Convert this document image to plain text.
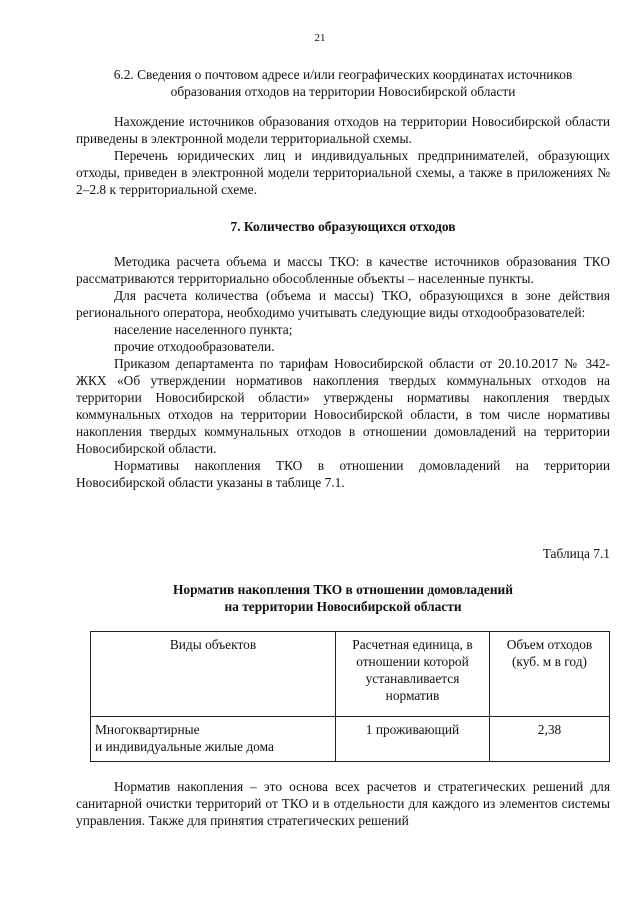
21

6.2. Сведения о почтовом адресе и/или географических координатах источников

образования отходов на территории Новосибирской области

Нахождение источников образования отходов на территории Новосибирской области приведены в электронной модели территориальной схемы.

Перечень юридических лиц и индивидуальных предпринимателей, образующих отходы, приведен в электронной модели территориальной схемы, а также в приложениях № 2–2.8 к территориальной схеме.

7. Количество образующихся отходов

Методика расчета объема и массы ТКО: в качестве источников образования ТКО рассматриваются территориально обособленные объекты – населенные пункты.

Для расчета количества (объема и массы) ТКО, образующихся в зоне действия регионального оператора, необходимо учитывать следующие виды отходообразователей:

население населенного пункта;

прочие отходообразователи.

Приказом департамента по тарифам Новосибирской области от 20.10.2017 № 342-ЖКХ «Об утверждении нормативов накопления твердых коммунальных отходов на территории Новосибирской области» утверждены нормативы накопления твердых коммунальных отходов на территории Новосибирской области, в том числе нормативы накопления твердых коммунальных отходов в отношении домовладений на территории Новосибирской области.

Нормативы накопления ТКО в отношении домовладений на территории Новосибирской области указаны в таблице 7.1.

Таблица 7.1

Норматив накопления ТКО в отношении домовладений

на территории Новосибирской области

Виды объектов	Расчетная единица, в отношении которой устанавливается норматив	Объем отходов (куб. м в год)

Многоквартирные
и индивидуальные жилые дома	1 проживающий	2,38

Норматив накопления – это основа всех расчетов и стратегических решений для санитарной очистки территорий от ТКО и в отдельности для каждого из элементов системы управления. Также для принятия стратегических решений
